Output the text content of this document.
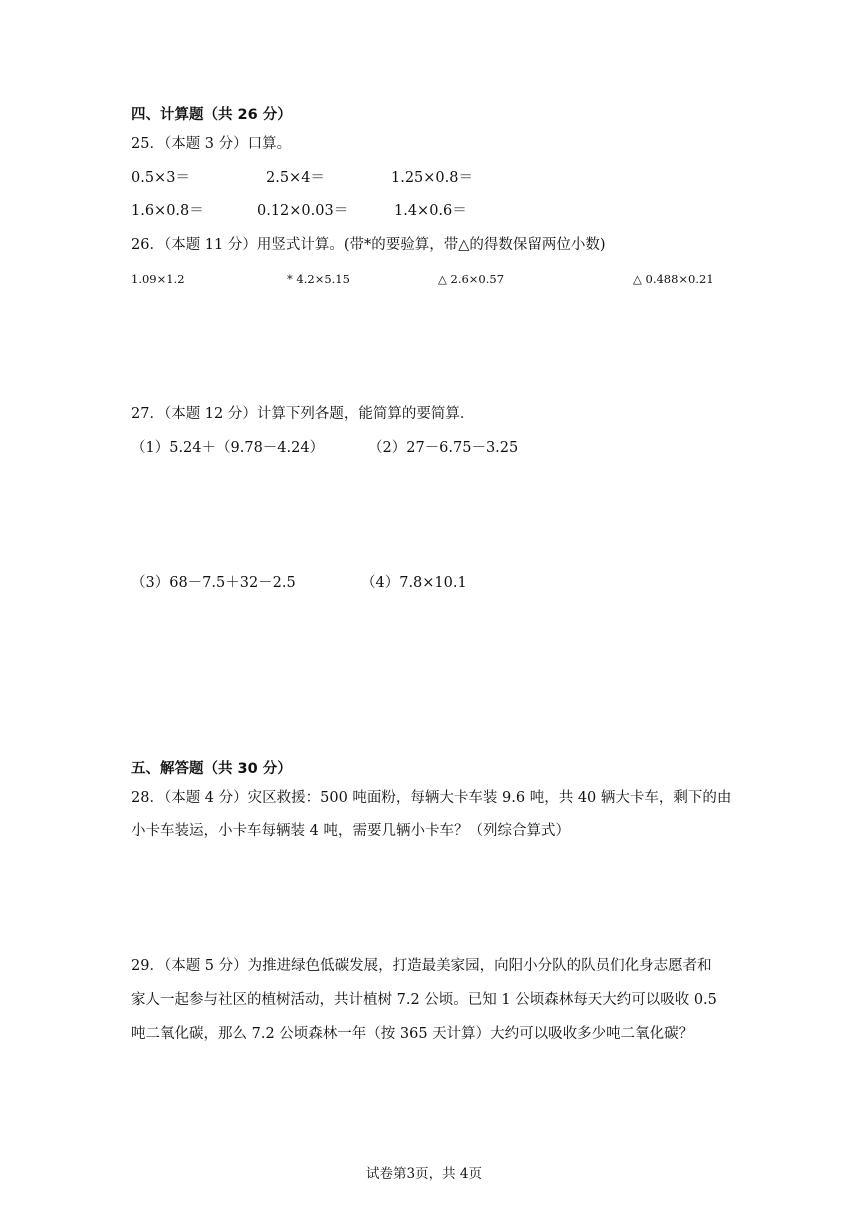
四、计算题（共 26 分）
25．（本题 3 分）口算。
0.5×3＝	2.5×4＝	1.25×0.8＝
1.6×0.8＝	0.12×0.03＝	1.4×0.6＝
26．（本题 11 分）用竖式计算。(带*的要验算，带△的得数保留两位小数)
1.09×1.2	* 4.2×5.15	△ 2.6×0.57	△ 0.488×0.21
27．（本题 12 分）计算下列各题，能简算的要简算．
（1）5.24＋（9.78－4.24）	（2）27－6.75－3.25
（3）68－7.5＋32－2.5	（4）7.8×10.1
五、解答题（共 30 分）
28．（本题 4 分）灾区救援：500 吨面粉，每辆大卡车装 9.6 吨，共 40 辆大卡车，剩下的由
小卡车装运，小卡车每辆装 4 吨，需要几辆小卡车？（列综合算式）
29．（本题 5 分）为推进绿色低碳发展，打造最美家园，向阳小分队的队员们化身志愿者和
家人一起参与社区的植树活动，共计植树 7.2 公顷。已知 1 公顷森林每天大约可以吸收 0.5
吨二氧化碳，那么 7.2 公顷森林一年（按 365 天计算）大约可以吸收多少吨二氧化碳？
试卷第3页，共 4页
